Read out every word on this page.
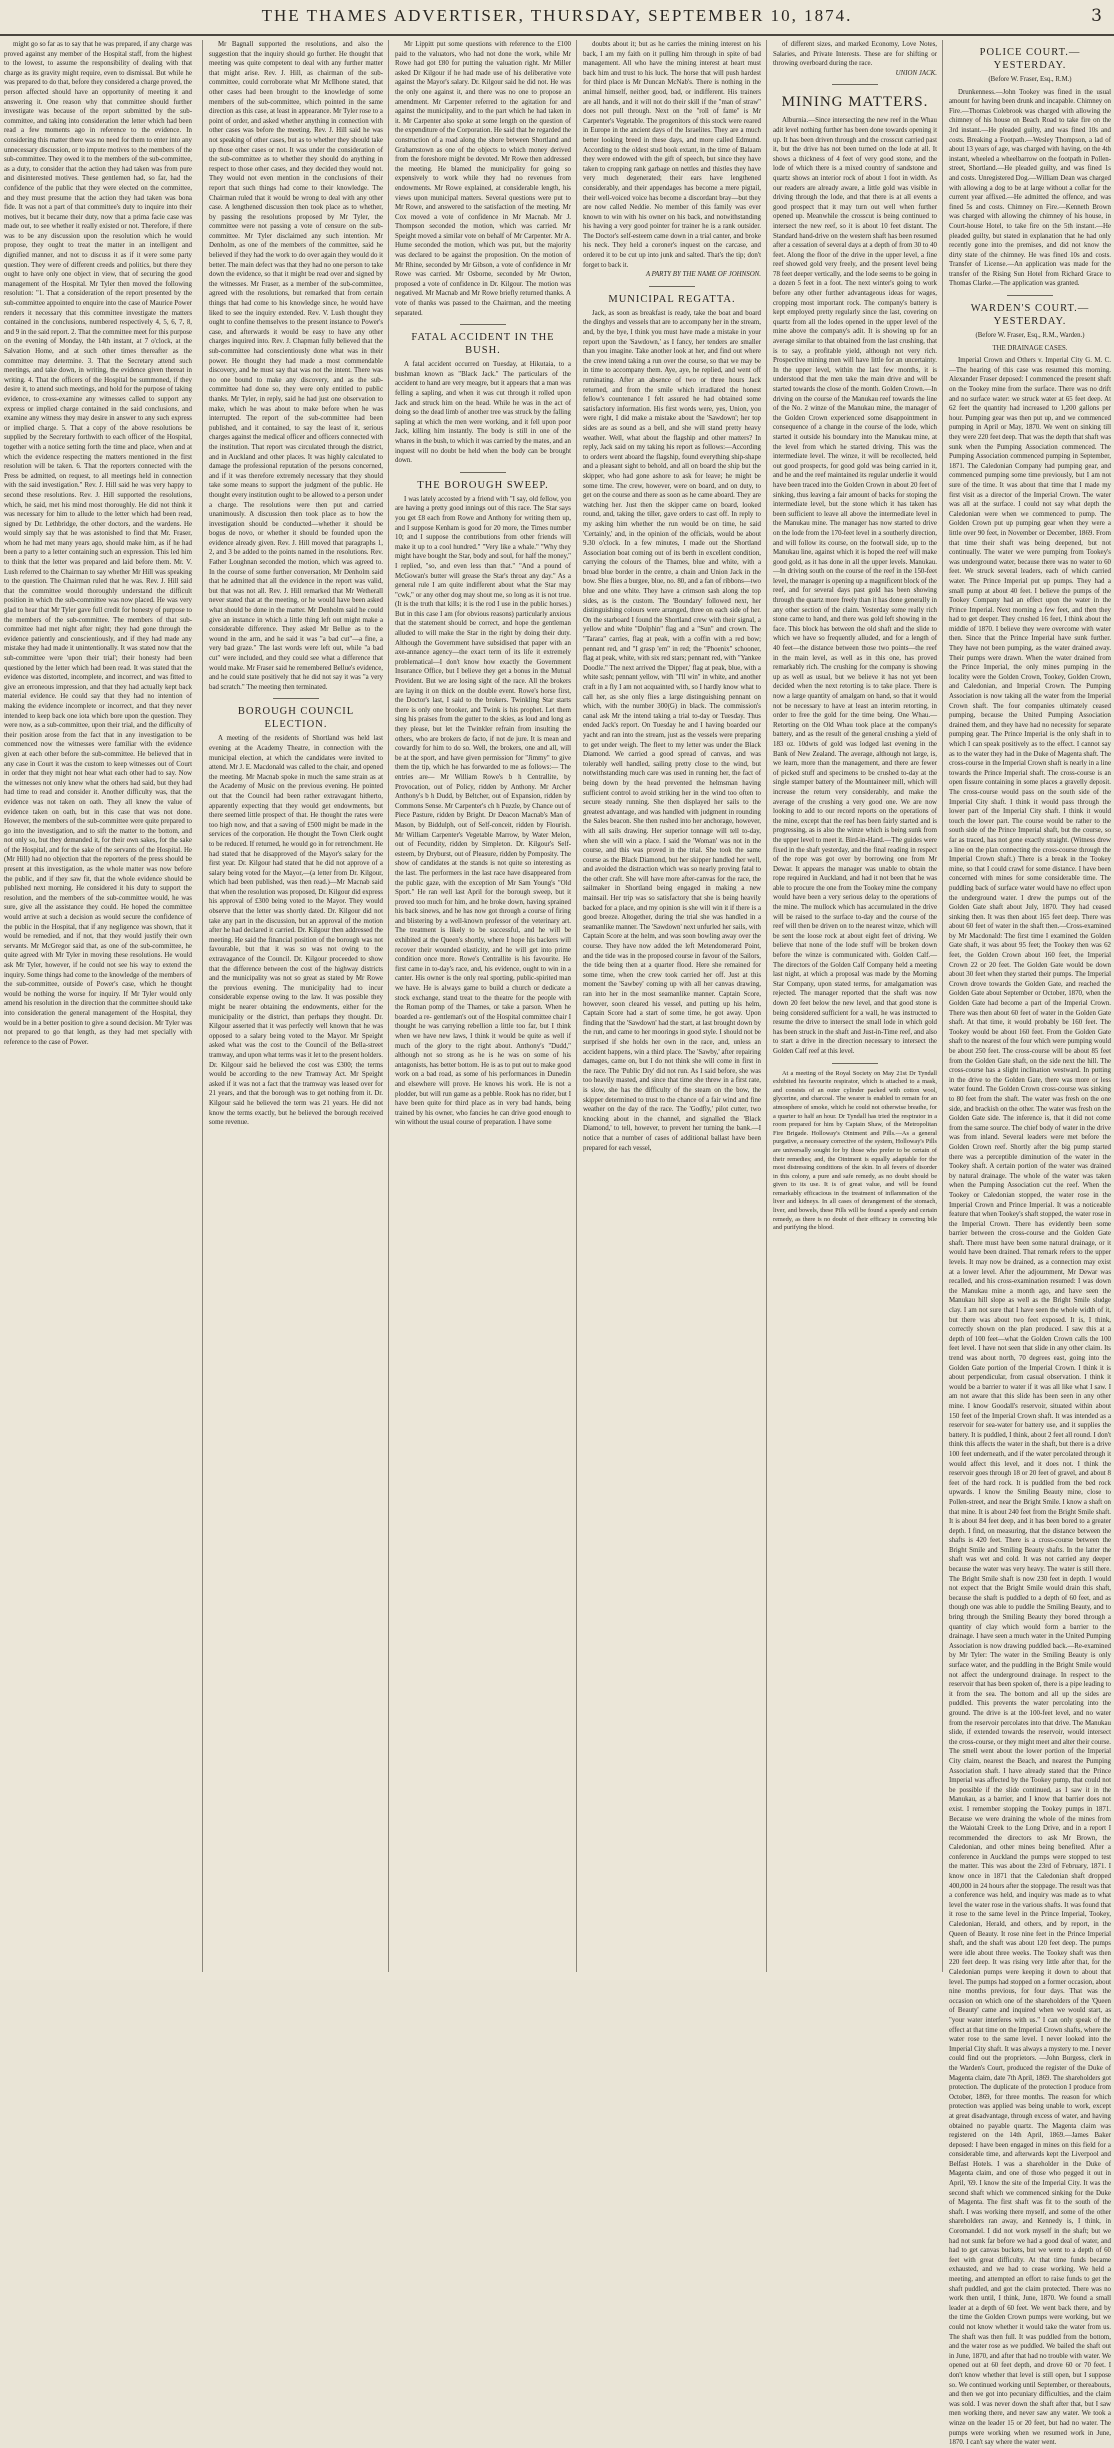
THE THAMES ADVERTISER, THURSDAY, SEPTEMBER 10, 1874.	3

might go so far as to say that he was prepared, if any charge was proved against any member of the Hospital staff, from the highest to the lowest, to assume the responsibility of dealing with that charge as its gravity might require, even to dismissal. But while he was prepared to do that, before they considered a charge proved, the person affected should have an opportunity of meeting it and answering it. One reason why that committee should further investigate was because of the report submitted by the sub-committee, and taking into consideration the letter which had been read a few moments ago in reference to the evidence. In considering this matter there was no need for them to enter into any unnecessary discussion, or to impute motives to the members of the sub-committee. They owed it to the members of the sub-committee, as a duty, to consider that the action they had taken was from pure and disinterested motives. These gentlemen had, so far, had the confidence of the public that they were elected on the committee, and they must presume that the action they had taken was bona fide. It was not a part of that committee's duty to inquire into their motives, but it became their duty, now that a prima facie case was made out, to see whether it really existed or not. Therefore, if there was to be any discussion upon the resolution which he would propose, they ought to treat the matter in an intelligent and dignified manner, and not to discuss it as if it were some party question. They were of different creeds and politics, but there they ought to have only one object in view, that of securing the good management of the Hospital. Mr Tyler then moved the following resolution: "1. That a consideration of the report presented by the sub-committee appointed to enquire into the case of Maurice Power renders it necessary that this committee investigate the matters contained in the conclusions, numbered respectively 4, 5, 6, 7, 8, and 9 in the said report. 2. That the committee meet for this purpose on the evening of Monday, the 14th instant, at 7 o'clock, at the Salvation Home, and at such other times thereafter as the committee may determine. 3. That the Secretary attend such meetings, and take down, in writing, the evidence given thereat in writing. 4. That the officers of the Hospital be summoned, if they desire it, to attend such meetings, and hold for the purpose of taking evidence, to cross-examine any witnesses called to support any express or implied charge contained in the said conclusions, and examine any witness they may desire in answer to any such express or implied charge. 5. That a copy of the above resolutions be supplied by the Secretary forthwith to each officer of the Hospital, together with a notice setting forth the time and place, when and at which the evidence respecting the matters mentioned in the first resolution will be taken. 6. That the reporters connected with the Press be admitted, on request, to all meetings held in connection with the said investigation." Rev. J. Hill said he was very happy to second these resolutions. Rev. J. Hill supported the resolutions, which, he said, met his mind most thoroughly. He did not think it was necessary for him to allude to the letter which had been read, signed by Dr. Lethbridge, the other doctors, and the wardens. He would simply say that he was astonished to find that Mr. Fraser, whom he had met many years ago, should make him, as if he had been a party to a letter containing such an expression. This led him to think that the letter was prepared and laid before them. Mr. V. Lush referred to the Chairman to say whether Mr Hill was speaking to the question. The Chairman ruled that he was. Rev. J. Hill said that the committee would thoroughly understand the difficult position in which the sub-committee was now placed. He was very glad to hear that Mr Tyler gave full credit for honesty of purpose to the members of the sub-committee. The members of that sub-committee had met night after night; they had gone through the evidence patiently and conscientiously, and if they had made any mistake they had made it unintentionally. It was stated now that the sub-committee were 'upon their trial'; their honesty had been questioned by the letter which had been read. It was stated that the evidence was distorted, incomplete, and incorrect, and was fitted to give an erroneous impression, and that they had actually kept back material evidence. He could say that they had no intention of making the evidence incomplete or incorrect, and that they never intended to keep back one iota which bore upon the question. They were now, as a sub-committee, upon their trial, and the difficulty of their position arose from the fact that in any investigation to be commenced now the witnesses were familiar with the evidence given at each other before the sub-committee. He believed that in any case in Court it was the custom to keep witnesses out of Court in order that they might not hear what each other had to say. Now the witnesses not only knew what the others had said, but they had had time to read and consider it. Another difficulty was, that the evidence was not taken on oath. They all knew the value of evidence taken on oath, but in this case that was not done. However, the members of the sub-committee were quite prepared to go into the investigation, and to sift the matter to the bottom, and not only so, but they demanded it, for their own sakes, for the sake of the Hospital, and for the sake of the servants of the Hospital. He (Mr Hill) had no objection that the reporters of the press should be present at this investigation, as the whole matter was now before the public, and if they saw fit, that the whole evidence should be published next morning. He considered it his duty to support the resolution, and the members of the sub-committee would, he was sure, give all the assistance they could. He hoped the committee would arrive at such a decision as would secure the confidence of the public in the Hospital, that if any negligence was shown, that it would be remedied, and if not, that they would justify their own servants. Mr McGregor said that, as one of the sub-committee, he quite agreed with Mr Tyler in moving these resolutions. He would ask Mr Tyler, however, if he could not see his way to extend the inquiry. Some things had come to the knowledge of the members of the sub-committee, outside of Power's case, which he thought would be nothing the worse for inquiry. If Mr Tyler would only amend his resolution in the direction that the committee should take into consideration the general management of the Hospital, they would be in a better position to give a sound decision. Mr Tyler was not prepared to go that length, as they had met specially with reference to the case of Power.

Mr Bagnall supported the resolutions, and also the suggestion that the inquiry should go further. He thought that meeting was quite competent to deal with any further matter that might arise. Rev. J. Hill, as chairman of the sub-committee, could corroborate what Mr McIlhone stated, that other cases had been brought to the knowledge of some members of the sub-committee, which pointed in the same direction as this case, at least in appearance. Mr Tyler rose to a point of order, and asked whether anything in connection with other cases was before the meeting. Rev. J. Hill said he was not speaking of other cases, but as to whether they should take up those other cases or not. It was under the consideration of the sub-committee as to whether they should do anything in respect to those other cases, and they decided they would not. They would not even mention in the conclusions of their report that such things had come to their knowledge. The Chairman ruled that it would be wrong to deal with any other case. A lengthened discussion then took place as to whether, by passing the resolutions proposed by Mr Tyler, the committee were not passing a vote of censure on the sub-committee. Mr Tyler disclaimed any such intention. Mr Denholm, as one of the members of the committee, said he believed if they had the work to do over again they would do it better. The main defect was that they had no one person to take down the evidence, so that it might be read over and signed by the witnesses. Mr Fraser, as a member of the sub-committee, agreed with the resolutions, but remarked that from certain things that had come to his knowledge since, he would have liked to see the inquiry extended. Rev. V. Lush thought they ought to confine themselves to the present instance to Power's case, and afterwards it would be easy to have any other charges inquired into. Rev. J. Chapman fully believed that the sub-committee had conscientiously done what was in their power. He thought they had made a most commendable discovery, and he must say that was not the intent. There was no one bound to make any discovery, and as the sub-committee had done so, they were only entitled to public thanks. Mr Tyler, in reply, said he had just one observation to make, which he was about to make before when he was interrupted. The report of the sub-committee had been published, and it contained, to say the least of it, serious charges against the medical officer and officers connected with the institution. That report was circulated through the district, and in Auckland and other places. It was highly calculated to damage the professional reputation of the persons concerned, and if it was therefore extremely necessary that they should take some means to support the judgment of the public. He thought every institution ought to be allowed to a person under a charge. The resolutions were then put and carried unanimously. A discussion then took place as to how the investigation should be conducted—whether it should be bogus de novo, or whether it should be founded upon the evidence already given. Rev. J. Hill moved that paragraphs 1, 2, and 3 be added to the points named in the resolutions. Rev. Father Loughnan seconded the motion, which was agreed to. In the course of some further conversation, Mr Denholm said that he admitted that all the evidence in the report was valid, but that was not all. Rev. J. Hill remarked that Mr Wetherall never stated that at the meeting, or he would have been asked what should be done in the matter. Mr Denholm said he could give an instance in which a little thing left out might make a considerable difference. They asked Mr Bellue as to the wound in the arm, and he said it was "a bad cut"—a fine, a very bad graze." The last words were left out, while "a bad cut" were included, and they could see what a difference that would make. Mr Fraser said he remembered Bellue's evidence, and he could state positively that he did not say it was "a very bad scratch." The meeting then terminated.

BOROUGH COUNCIL ELECTION.

A meeting of the residents of Shortland was held last evening at the Academy Theatre, in connection with the municipal election, at which the candidates were invited to attend. Mr J. E. Macdonald was called to the chair, and opened the meeting. Mr Macnab spoke in much the same strain as at the Academy of Music on the previous evening. He pointed out that the Council had been rather extravagant hitherto, apparently expecting that they would get endowments, but there seemed little prospect of that. He thought the rates were too high now, and that a saving of £500 might be made in the services of the corporation. He thought the Town Clerk ought to be reduced. If returned, he would go in for retrenchment. He had stated that he disapproved of the Mayor's salary for the first year. Dr. Kilgour had stated that he did not approve of a salary being voted for the Mayor,—(a letter from Dr. Kilgour, which had been published, was then read.)—Mr Macnab said that when the resolution was proposed, Dr. Kilgour did express his approval of £300 being voted to the Mayor. They would observe that the letter was shortly dated. Dr. Kilgour did not take any part in the discussion, but an approval of the motion after he had declared it carried. Dr. Kilgour then addressed the meeting. He said the financial position of the borough was not favourable, but that it was so was not owing to the extravagance of the Council. Dr. Kilgour proceeded to show that the difference between the cost of the highway districts and the municipality was not so great as stated by Mr Rowe the previous evening. The municipality had to incur considerable expense owing to the law. It was possible they might be nearer obtaining the endowments, either for the municipality or the district, than perhaps they thought. Dr. Kilgour asserted that it was perfectly well known that he was opposed to a salary being voted to the Mayor. Mr Speight asked what was the cost to the Council of the Bella-street tramway, and upon what terms was it let to the present holders. Dr. Kilgour said he believed the cost was £300; the terms would be according to the new Tramway Act. Mr Speight asked if it was not a fact that the tramway was leased over for 21 years, and that the borough was to get nothing from it. Dr. Kilgour said he believed the term was 21 years. He did not know the terms exactly, but he believed the borough received some revenue.

Mr Lippitt put some questions with reference to the £100 paid to the valuators, who had not done the work, while Mr Rowe had got £80 for putting the valuation right. Mr Miller asked Dr Kilgour if he had made use of his deliberative vote against the Mayor's salary. Dr. Kilgour said he did not. He was the only one against it, and there was no one to propose an amendment. Mr Carpenter referred to the agitation for and against the municipality, and to the part which he had taken in it. Mr Carpenter also spoke at some length on the question of the expenditure of the Corporation. He said that he regarded the construction of a road along the shore between Shortland and Grahamstown as one of the objects to which money derived from the foreshore might be devoted. Mr Rowe then addressed the meeting. He blamed the municipality for going so expensively to work while they had no revenues from endowments. Mr Rowe explained, at considerable length, his views upon municipal matters. Several questions were put to Mr Rowe, and answered to the satisfaction of the meeting. Mr Cox moved a vote of confidence in Mr Macnab. Mr J. Thompson seconded the motion, which was carried. Mr Speight moved a similar vote on behalf of Mr Carpenter. Mr A. Hume seconded the motion, which was put, but the majority was declared to be against the proposition. On the motion of Mr Rhine, seconded by Mr Gibson, a vote of confidence in Mr Rowe was carried. Mr Osborne, seconded by Mr Owton, proposed a vote of confidence in Dr. Kilgour. The motion was negatived. Mr Macnab and Mr Rowe briefly returned thanks. A vote of thanks was passed to the Chairman, and the meeting separated.

FATAL ACCIDENT IN THE BUSH.

A fatal accident occurred on Tuesday, at Hikutaia, to a bushman known as "Black Jack." The particulars of the accident to hand are very meagre, but it appears that a man was felling a sapling, and when it was cut through it rolled upon Jack and struck him on the head. While he was in the act of doing so the dead limb of another tree was struck by the falling sapling at which the men were working, and it fell upon poor Jack, killing him instantly. The body is still in one of the whares in the bush, to which it was carried by the mates, and an inquest will no doubt be held when the body can be brought down.

THE BOROUGH SWEEP.

I was lately accosted by a friend with "I say, old fellow, you are having a pretty good innings out of this race. The Star says you get £8 each from Rowe and Anthony for writing them up, and I suppose Kenham is good for 20 more, the Times number 10; and I suppose the contributions from other friends will make it up to a cool hundred." "Very like a whale." "Why they might have bought the Star, body and soul, for half the money," I replied, "so, and even less than that." "And a pound of McGowan's butter will grease the Star's throat any day." As a general rule I am quite indifferent about what the Star may "cwk," or any other dog may shout me, so long as it is not true. (It is the truth that kills; it is the rod I use in the public horses.) But in this case I am (for obvious reasons) particularly anxious that the statement should be correct, and hope the gentleman alluded to will make the Star in the right by doing their duty. Although the Government have subsidised that paper with an axe-annance agency—the exact term of its life it extremely problematical—I don't know how exactly the Government Insurance Office, but I believe they get a bonus in the Mutual Provident. But we are losing sight of the race. All the brokers are laying it on thick on the double event. Rowe's horse first, the Doctor's last, I said to the brokers. Twinkling Star starts there is only one brooker, and Twink is his prophet. Let them sing his praises from the gutter to the skies, as loud and long as they please, but let the Twinkler refrain from insulting the others, who are brokers de facto, if not de jure. It is mean and cowardly for him to do so. Well, the brokers, one and all, will be at the sport, and have given permission for "Jimmy" to give them the tip, which he has forwarded to me as follows:— The entries are— Mr William Rowe's b h Centrallite, by Provocation, out of Policy, ridden by Anthony. Mr Archer Anthony's b h Dudd, by Beltcher, out of Expansion, ridden by Commons Sense. Mr Carpenter's ch h Puzzle, by Chance out of Piece Pasture, ridden by Bright. Dr Deacon Macnab's Man of Mason, by Biddulph, out of Self-conceit, ridden by Flourish. Mr William Carpenter's Vegetable Marrow, by Water Melon, out of Fecundity, ridden by Simpleton. Dr. Kilgour's Self-esteem, by Dryburst, out of Pleasure, ridden by Pomposity. The show of candidates at the stands is not quite so interesting as the last. The performers in the last race have disappeared from the public gaze, with the exception of Mr Sam Young's "Old Sport." He ran well last April for the borough sweep, but it proved too much for him, and he broke down, having sprained his back sinews, and he has now got through a course of firing and blistering by a well-known professor of the veterinary art. The treatment is likely to be successful, and he will be exhibited at the Queen's shortly, where I hope his backers will recover their wounded elasticity, and he will get into prime condition once more. Rowe's Centrallite is his favourite. He first came in to-day's race, and, his evidence, ought to win in a canter. His owner is the only real sporting, public-spirited man we have. He is always game to build a church or dedicate a stock exchange, stand treat to the theatre for the people with the Roman pomp of the Thames, or take a parson. When he boarded a re- gentleman's out of the Hospital committee chair I thought he was carrying rebellion a little too far, but I think when we have new laws, I think it would be quite as well if much of the glory to the right about. Anthony's "Dudd," although not so strong as he is he was on some of his antagonists, has better bottom. He is as to put out to make good work on a bad road, as some of his performances in Dunedin and elsewhere will prove. He knows his work. He is not a plodder, but will run game as a pebble. Rook has no rider, but I have been quite for third place as in very bad hands, being trained by his owner, who fancies he can drive good enough to win without the usual course of preparation. I have some

doubts about it; but as he carries the mining interest on his back, I am my faith on it pulling him through in spite of bad management. All who have the mining interest at heart must back him and trust to his luck. The horse that will push hardest for third place is Mr Duncan McNab's. There is nothing in the animal himself, neither good, bad, or indifferent. His trainers are all hands, and it will not do their skill if the "man of straw" does not pull through. Next on the "roll of fame" is Mr Carpenter's Vegetable. The progenitors of this stock were reared in Europe in the ancient days of the Israelites. They are a much better looking breed in these days, and more called Edmund. According to the oldest stud book extant, in the time of Balaam they were endowed with the gift of speech, but since they have taken to cropping rank garbage on nettles and thistles they have very much degenerated; their ears have lengthened considerably, and their appendages has become a mere pigtail, their well-voiced voice has become a discordant bray—but they are now called Neddie. No member of this family was ever known to win with his owner on his back, and notwithstanding his having a very good pointer for trainer he is a rank outsider. The Doctor's self-esteem came down in a trial canter, and broke his neck. They held a coroner's inquest on the carcase, and ordered it to be cut up into junk and salted. That's the tip; don't forget to back it.

A PARTY BY THE NAME OF JOHNSON.

MUNICIPAL REGATTA.

Jack, as soon as breakfast is ready, take the boat and board the dinghys and vessels that are to accompany her in the stream, and, by the bye, I think you must have made a mistake in your report upon the 'Sawdown,' as I fancy, her tenders are smaller than you imagine. Take another look at her, and find out where the crew intend taking a run over the course, so that we may be in time to accompany them. Aye, aye, he replied, and went off ruminating. After an absence of two or three hours Jack returned, and from the smile which irradiated the honest fellow's countenance I felt assured he had obtained some satisfactory information. His first words were, yes, Union, you were right, I did make a mistake about the 'Sawdown'; her top sides are as sound as a bell, and she will stand pretty heavy weather. Well, what about the flagship and other matters? In reply, Jack said on my taking his report as follows:—According to orders went aboard the flagship, found everything ship-shape and a pleasant sight to behold, and all on board the ship but the skipper, who had gone ashore to ask for leave; he might be some time. The crew, however, were on board, and on duty, to get on the course and there as soon as he came aboard. They are watching her. Just then the skipper came on board, looked round, and, taking the tiller, gave orders to cast off. In reply to my asking him whether the run would be on time, he said 'Certainly,' and, in the opinion of the officials, would be about 9.30 o'clock. In a few minutes, I made out the Shortland Association boat coming out of its berth in excellent condition, carrying the colours of the Thames, blue and white, with a broad blue border in the centre, a chain and Union Jack in the bow. She flies a burgee, blue, no. 80, and a fan of ribbons—two blue and one white. They have a crimson sash along the top sides, as is the custom. The 'Boundary' followed next, her distinguishing colours were arranged, three on each side of her. On the starboard I found the Shortland crew with their signal, a yellow and white "Dolphin" flag and a "Sun" and crown. The "Tarara" carries, flag at peak, with a coffin with a red bow; pennant red, and "I grasp 'em" in red; the "Phoenix" schooner, flag at peak, white, with six red stars; pennant red, with "Yankee Doodle." The next arrived the 'Dipper,' flag at peak, blue, with a white sash; pennant yellow, with "I'll win" in white, and another craft in a fly I am not acquainted with, so I hardly know what to call her, as she only flies a large distinguishing pennant on which, with the number 300(G) in black. The commission's canal ask Mr the intend taking a trial to-day or Tuesday. Thus ended Jack's report. On Tuesday he and I having boarded our yacht and ran into the stream, just as the vessels were preparing to get under weigh. The fleet to my letter was under the Black Diamond. We carried a good spread of canvas, and was tolerably well handled, sailing pretty close to the wind, but notwithstanding much care was used in running her, the fact of being down by the head prevented the helmsman having sufficient control to avoid striking her in the wind too often to secure steady running. She then displayed her sails to the greatest advantage, and was handled with judgment in rounding the Sales beacon. She then rushed into her anchorage, however, with all sails drawing. Her superior tonnage will tell to-day, when she will win a place. I said the 'Woman' was not in the course, and this was proved in the trial. She took the same course as the Black Diamond, but her skipper handled her well, and avoided the distraction which was so nearly proving fatal to the other craft. She will have more after-canvas for the race, the sailmaker in Shortland being engaged in making a new mainsail. Her trip was so satisfactory that she is being heavily backed for a place, and my opinion is she will win it if there is a good breeze. Altogether, during the trial she was handled in a seamanlike manner. The 'Sawdown' next unfurled her sails, with Captain Score at the helm, and was soon bowling away over the course. They have now added the left Metendomerard Point, and the tide was in the proposed course in favour of the Sailors, the tide being then at a quarter flood. Here she remained for some time, when the crew took carried her off. Just at this moment the 'Sawbey' coming up with all her canvas drawing, ran into her in the most seamanlike manner. Captain Score, however, soon cleared his vessel, and putting up his helm, Captain Score had a start of some time, he got away. Upon finding that the 'Sawdown' had the start, at last brought down by the run, and came to her moorings in good style. I should not be surprised if she holds her own in the race, and, unless an accident happens, win a third place. The 'Sawby,' after repairing damages, came on, but I do not think she will come in first in the race. The 'Public Dry' did not run. As I said before, she was too heavily masted, and since that time she threw in a first rate, is slow, she has the difficulty of the steam on the bow, the skipper determined to trust to the chance of a fair wind and fine weather on the day of the race. The 'Godfly,' pilot cutter, two knocking about in the channel, and signalled the 'Black Diamond,' to tell, however, to prevent her turning the bank.—I notice that a number of cases of additional ballast have been prepared for each vessel,

of different sizes, and marked Economy, Love Notes, Salaries, and Private Interests. These are for shifting or throwing overboard during the race.

UNION JACK.

MINING MATTERS.

Alburnia.—Since intersecting the new reef in the Whau adit level nothing further has been done towards opening it up. It has been driven through and the crosscut carried past it, but the drive has not been turned on the lode at all. It shows a thickness of 4 feet of very good stone, and the lode of which there is a mixed country of sandstone and quartz shows an interior rock of about 1 foot in width. As our readers are already aware, a little gold was visible in driving through the lode, and that there is at all events a good prospect that it may turn out well when further opened up. Meanwhile the crosscut is being continued to intersect the new reef, so it is about 10 feet distant. The Standard hand-drive on the western shaft has been resumed after a cessation of several days at a depth of from 30 to 40 feet. Along the floor of the drive in the upper level, a fine reef showed gold very freely, and the present level being 78 feet deeper vertically, and the lode seems to be going in a dozen 5 feet in a foot. The next winter's going to work before any other further advantageous ideas for wages, cropping most important rock. The company's battery is kept employed pretty regularly since the last, covering on quartz from all the lodes opened in the upper level of the mine above the company's adit. It is showing up for an average similar to that obtained from the last crushing, that is to say, a profitable yield, although not very rich. Prospective mining men will have little for an uncertainty. In the upper level, within the last few months, it is understood that the men take the main drive and will be started towards the close of the month. Golden Crown.—In driving on the course of the Manukau reef towards the line of the No. 2 winze of the Manukau mine, the manager of the Golden Crown experienced some disappointment in consequence of a change in the course of the lode, which started it outside his boundary into the Manukau mine, at the level from which he started driving. This was the intermediate level. The winze, it will be recollected, held out good prospects, for good gold was being carried in it, and he and the reef maintained its regular underlie it would have been traced into the Golden Crown in about 20 feet of sinking, thus leaving a fair amount of backs for stoping the intermediate level, but the stone which it has taken has been sufficient to leave all above the intermediate level in the Manukau mine. The manager has now started to drive on the lode from the 170-feet level in a southerly direction, and will follow its course, on the footwall side, up to the Manukau line, against which it is hoped the reef will make good gold, as it has done in all the upper levels. Manukau.—In driving south on the course of the reef in the 150-feet level, the manager is opening up a magnificent block of the reef, and for several days past gold has been showing through the quartz more freely than it has done generally in any other section of the claim. Yesterday some really rich stone came to hand, and there was gold left showing in the face. This block has between the old shaft and the slide to which we have so frequently alluded, and for a length of 40 feet—the distance between those two points—the reef in the main level, as well as in this one, has proved remarkably rich. The crushing for the company is showing up as well as usual, but we believe it has not yet been decided when the next retorting is to take place. There is now a large quantity of amalgam on hand, so that it would not be necessary to have at least an interim retorting, in order to free the gold for the time being. One Whau.—Retorting on the Old Whau took place at the company's battery, and as the result of the general crushing a yield of 183 oz. 10dwts of gold was lodged last evening in the Bank of New Zealand. The average, although not large, is, we learn, more than the management, and there are fewer of picked stuff and specimens to be crushed to-day at the single stamper battery of the Mountaineer mill, which will increase the return very considerably, and make the average of the crushing a very good one. We are now looking to add to our record reports on the operations of the mine, except that the reef has been fairly started and is progressing, as is also the winze which is being sunk from the upper level to meet it. Bird-in-Hand.—The guides were fixed in the shaft yesterday, and the final reading in respect of the rope was got over by borrowing one from Mr Dewar. It appears the manager was unable to obtain the rope required in Auckland, and had it not been that he was able to procure the one from the Tookey mine the company would have been a very serious delay to the operations of the mine. The mullock which has accumulated in the drive will be raised to the surface to-day and the course of the reef will then be driven on to the nearest winze, which will be sent the loose rock at about eight feet of driving. We believe that none of the lode stuff will be broken down before the winze is communicated with. Golden Calf.—The directors of the Golden Calf Company held a meeting last night, at which a proposal was made by the Morning Star Company, upon stated terms, for amalgamation was rejected. The manager reported that the shaft was now down 20 feet below the new level, and that good stone is being considered sufficient for a wall, he was instructed to resume the drive to intersect the small lode in which gold has been struck in the shaft and Just-in-Time reef, and also to start a drive in the direction necessary to intersect the Golden Calf reef at this level.

At a meeting of the Royal Society on May 21st Dr Tyndall exhibited his favourite respirator, which is attached to a mask, and consists of an outer cylinder packed with cotton wool, glycerine, and charcoal. The wearer is enabled to remain for an atmosphere of smoke, which he could not otherwise breathe, for a quarter to half an hour. Dr Tyndall has tried the respirator in a room prepared for him by Captain Shaw, of the Metropolitan Fire Brigade. Holloway's Ointment and Pills.—As a general purgative, a necessary corrective of the system, Holloway's Pills are universally sought for by those who prefer to be certain of their remedies; and, the Ointment is equally adaptable for the most distressing conditions of the skin. In all fevers of disorder in this colony, a pure and safe remedy, as no doubt should be given to its use. It is of great value, and will be found remarkably efficacious in the treatment of inflammation of the liver and kidneys. In all cases of derangement of the stomach, liver, and bowels, these Pills will be found a speedy and certain remedy, as there is no doubt of their efficacy in correcting bile and purifying the blood.

POLICE COURT.—YESTERDAY.

(Before W. Fraser, Esq., R.M.)

Drunkenness.—John Tookey was fined in the usual amount for having been drunk and incapable. Chimney on Fire.—Thomas Colebrook was charged with allowing the chimney of his house on Beach Road to take fire on the 3rd instant.—He pleaded guilty, and was fined 10s and costs. Breaking a Footpath.—Wesley Thompson, a lad of about 13 years of age, was charged with having, on the 4th instant, wheeled a wheelbarrow on the footpath in Pollen-street, Shortland.—He pleaded guilty, and was fined 1s and costs. Unregistered Dog.—William Dean was charged with allowing a dog to be at large without a collar for the current year affixed.—He admitted the offence, and was fined 5s and costs. Chimney on Fire.—Kenneth Brown was charged with allowing the chimney of his house, in Court-house Hotel, to take fire on the 5th instant.—He pleaded guilty, but stated in explanation that he had only recently gone into the premises, and did not know the dirty state of the chimney. He was fined 10s and costs. Transfer of License.—An application was made for the transfer of the Rising Sun Hotel from Richard Grace to Thomas Clarke.—The application was granted.

WARDEN'S COURT.—YESTERDAY.

(Before W. Fraser, Esq., R.M., Warden.)

THE DRAINAGE CASES.

Imperial Crown and Others v. Imperial City G. M. C.—The hearing of this case was resumed this morning. Alexander Fraser deposed: I commenced the present shaft on the Tookey mine from the surface. There was no drift and no surface water: we struck water at 65 feet deep. At 62 feet the quantity had increased to 1,200 gallons per hour. Pumping gear was then put up, and we commenced pumping in April or May, 1870. We went on sinking till they were 220 feet deep. That was the depth that shaft was sunk when the Pumping Association commenced. The Pumping Association commenced pumping in September, 1871. The Caledonian Company had pumping gear, and commenced pumping some time previously, but I am not sure of the time. It was about that time that I made my first visit as a director of the Imperial Crown. The water was all at the surface. I could not say what depth the Caledonian were when we commenced to pump. The Golden Crown put up pumping gear when they were a little over 90 feet, in November or December, 1869. From that time their shaft was being deepened, but not continually. The water we were pumping from Tookey's was underground water, because there was no water to 60 feet. We struck several leaders, each of which carried water. The Prince Imperial put up pumps. They had a small pump at about 40 feet. I believe the pumps of the Tookey Company had an effect upon the water in the Prince Imperial. Next morning a few feet, and then they had to get deeper. They crushed 16 feet, I think about the middle of 1870. I believe they were overcome with water then. Since that the Prince Imperial have sunk further. They have not been pumping, as the water drained away. Their pumps were drawn. When the water drained from the Prince Imperial, the only mines pumping in the locality were the Golden Crown, Tookey, Golden Crown, and Caledonian, and Imperial Crown. The Pumping Association is now taking all the water from the Imperial Crown shaft. The four companies ultimately ceased pumping, because the United Pumping Association drained them, and they have had no necessity for separate pumping gear. The Prince Imperial is the only shaft in to which I can speak positively as to the effect. I cannot say as to the water they had in the Duke of Magenta shaft. The cross-course in the Imperial Crown shaft is nearly in a line towards the Prince Imperial shaft. The cross-course is an open fissure containing in some places a gravelly deposit. The cross-course would pass on the south side of the Imperial City shaft. I think it would pass through the lower part of the Imperial City shaft. I think it would touch the lower part. The course would be rather to the south side of the Prince Imperial shaft, but the course, so far as traced, has not gone exactly straight. (Witness drew a line on the plan connecting the cross-course through the Imperial Crown shaft.) There is a break in the Tookey mine, so that I could crawl for some distance. I have been concerned with mines for some considerable time. The puddling back of surface water would have no effect upon the underground water. I drew the pumps out of the Golden Gate shaft about July, 1870. They had ceased sinking then. It was then about 165 feet deep. There was about 60 feet of water in the shaft then.—Cross-examined by Mr Macdonald: The first time I examined the Golden Gate shaft, it was about 95 feet; the Tookey then was 62 feet, the Golden Crown about 160 feet, the Imperial Crown 22 or 20 feet. The Golden Gate would be down about 30 feet when they started their pumps. The Imperial Crown drove towards the Golden Gate, and reached the Golden Gate about September or October, 1870, when the Golden Gate had become a part of the Imperial Crown. There was then about 60 feet of water in the Golden Gate shaft. At that time, it would probably be 160 feet. The Tookey would be about 160 feet. From the Golden Gate shaft to the nearest of the four which were pumping would be about 250 feet. The cross-course will be about 85 feet from the Golden Gate shaft, on the side next the hill. The cross-course has a slight inclination westward. In putting in the drive to the Golden Gate, there was more or less water found. The Golden Crown cross-course was sinking to 80 feet from the shaft. The water was fresh on the one side, and brackish on the other. The water was fresh on the Golden Gate side. The inference is, that it did not come from the same source. The chief body of water in the drive was from inland. Several leaders were met before the Golden Crown reef. Shortly after the big pump started there was a perceptible diminution of the water in the Tookey shaft. A certain portion of the water was drained by natural drainage. The whole of the water was taken when the Pumping Association cut the reef. When the Tookey or Caledonian stopped, the water rose in the Imperial Crown and Prince Imperial. It was a noticeable feature that when Tookey's shaft stopped, the water rose in the Imperial Crown. There has evidently been some barrier between the cross-course and the Golden Gate shaft. There must have been some natural drainage, or it would have been drained. That remark refers to the upper levels. It may now be drained, as a connection may exist at a lower level. After the adjournment, Mr Dewar was recalled, and his cross-examination resumed: I was down the Manukau mine a month ago, and have seen the Manukau hill slope as well as the Bright Smile sludge clay. I am not sure that I have seen the whole width of it, but there was about two feet exposed. It is, I think, correctly shown on the plan produced. I saw this at a depth of 100 feet—what the Golden Crown calls the 100 feet level. I have not seen that slide in any other claim. Its trend was about north, 70 degrees east, going into the Golden Gate portion of the Imperial Crown. I think it is about perpendicular, from casual observation. I think it would be a barrier to water if it was all like what I saw. I am not aware that this slide has been seen in any other mine. I know Goodall's reservoir, situated within about 150 feet of the Imperial Crown shaft. It was intended as a reservoir for sea-water for battery use, and it supplies the battery. It is puddled, I think, about 2 feet all round. I don't think this affects the water in the shaft, but there is a drive 100 feet underneath, and if the water percolated through it would affect this level, and it does not. I think the reservoir goes through 18 or 20 feet of gravel, and about 8 feet of the hard rock. It is puddled from the bed rock upwards. I know the Smiling Beauty mine, close to Pollen-street, and near the Bright Smile. I know a shaft on that mine. It is about 240 feet from the Bright Smile shaft. It is about 84 feet deep, and it has been bored to a greater depth. I find, on measuring, that the distance between the shafts is 420 feet. There is a cross-course between the Bright Smile and Smiling Beauty shafts. In the latter the shaft was wet and cold. It was not carried any deeper because the water was very heavy. The water is still there. The Bright Smile shaft is now 230 feet in depth. I would not expect that the Bright Smile would drain this shaft, because the shaft is puddled to a depth of 60 feet, and as though one was able to puddle the Smiling Beauty, and to bring through the Smiling Beauty they bored through a quantity of clay which would form a barrier to the drainage. I have seen a much water in the United Pumping Association is now drawing puddled back.—Re-examined by Mr Tyler: The water in the Smiling Beauty is only surface water, and the puddling in the Bright Smile would not affect the underground drainage. In respect to the reservoir that has been spoken of, there is a pipe leading to it from the sea. The bottom and all up the sides are puddled. This prevents the water percolating into the ground. The drive is at the 100-feet level, and no water from the reservoir percolates into that drive. The Manukau slide, if extended towards the reservoir, would intersect the cross-course, or they might meet and alter their course. The smell went about the lower portion of the Imperial City claim, nearest the Beach, and nearest the Pumping Association shaft. I have already stated that the Prince Imperial was affected by the Tookey pump, that could not be possible if the slide continued, as I saw it in the Manukau, as a barrier, and I know that barrier does not exist. I remember stopping the Tookey pumps in 1871. Because we were draining the whole of the mines from the Waiotahi Creek to the Long Drive, and in a report I recommended the directors to ask Mr Brown, the Caledonian, and other mines being benefited. After a conference in Auckland the pumps were stopped to test the matter. This was about the 23rd of February, 1871. I know once in 1871 that the Caledonian shaft dropped 400,000 in 24 hours after the stoppage. The result was that a conference was held, and inquiry was made as to what level the water rose in the various shafts. It was found that it rose to the same level in the Prince Imperial, Tookey, Caledonian, Herald, and others, and by report, in the Queen of Beauty. It rose nine feet in the Prince Imperial shaft, and the shaft was about 120 feet deep. The pumps were idle about three weeks. The Tookey shaft was then 220 feet deep. It was rising very little after that, for the Caledonian pumps were keeping it down to about that level. The pumps had stopped on a former occasion, about nine months previous, for four days. That was the occasion on which one of the shareholders of the 'Queen of Beauty' came and inquired when we would start, as "your water interferes with us." I can only speak of the effect at that time on the Imperial Crown shafts, where the water rose to the same level. I never looked into the Imperial City shaft. It was always a mystery to me. I never could find out the proprietors. —John Burgess, clerk in the Warden's Court, produced the register of the Duke of Magenta claim, date 7th April, 1869. The shareholders got protection. The duplicate of the protection I produce from October, 1869, for three months. The reason for which protection was applied was being unable to work, except at great disadvantage, through excess of water, and having obtained no payable quartz. The Magenta claim was registered on the 14th April, 1869.—James Baker deposed: I have been engaged in mines on this field for a considerable time, and afterwards kept the Liverpool and Belfast Hotels. I was a shareholder in the Duke of Magenta claim, and one of those who pegged it out in April, '69. I know the site of the Imperial City. It was the second shaft which we commenced sinking for the Duke of Magenta. The first shaft was fit to the south of the shaft. I was working there myself, and some of the other shareholders ran away, and Kennedy is, I think, in Coromandel. I did not work myself in the shaft; but we had not sunk far before we had a good deal of water, and had to get canvas buckets, but we went to a depth of 60 feet with great difficulty. At that time funds became exhausted, and we had to cease working. We held a meeting, and attempted an effort to raise funds to get the shaft puddled, and got the claim protected. There was no work then until, I think, June, 1870. We found a small leader at a depth of 60 feet. We went back there, and by the time the Golden Crown pumps were working, but we could not know whether it would take the water from us. The shaft was then full. It was puddled from the bottom, and the water rose as we puddled. We bailed the shaft out in June, 1870, and after that had no trouble with water. We opened out at 60 feet depth, and drove 60 or 70 feet. I don't know whether that level is still open, but I suppose so. We continued working until September, or thereabouts, and then we got into pecuniary difficulties, and the claim was sold. I was never down the shaft after that, but I saw men working there, and never saw any water. We took a winze on the leader 15 or 20 feet, but had no water. The pumps were working when we resumed work in June, 1870. I can't say where the water went.
